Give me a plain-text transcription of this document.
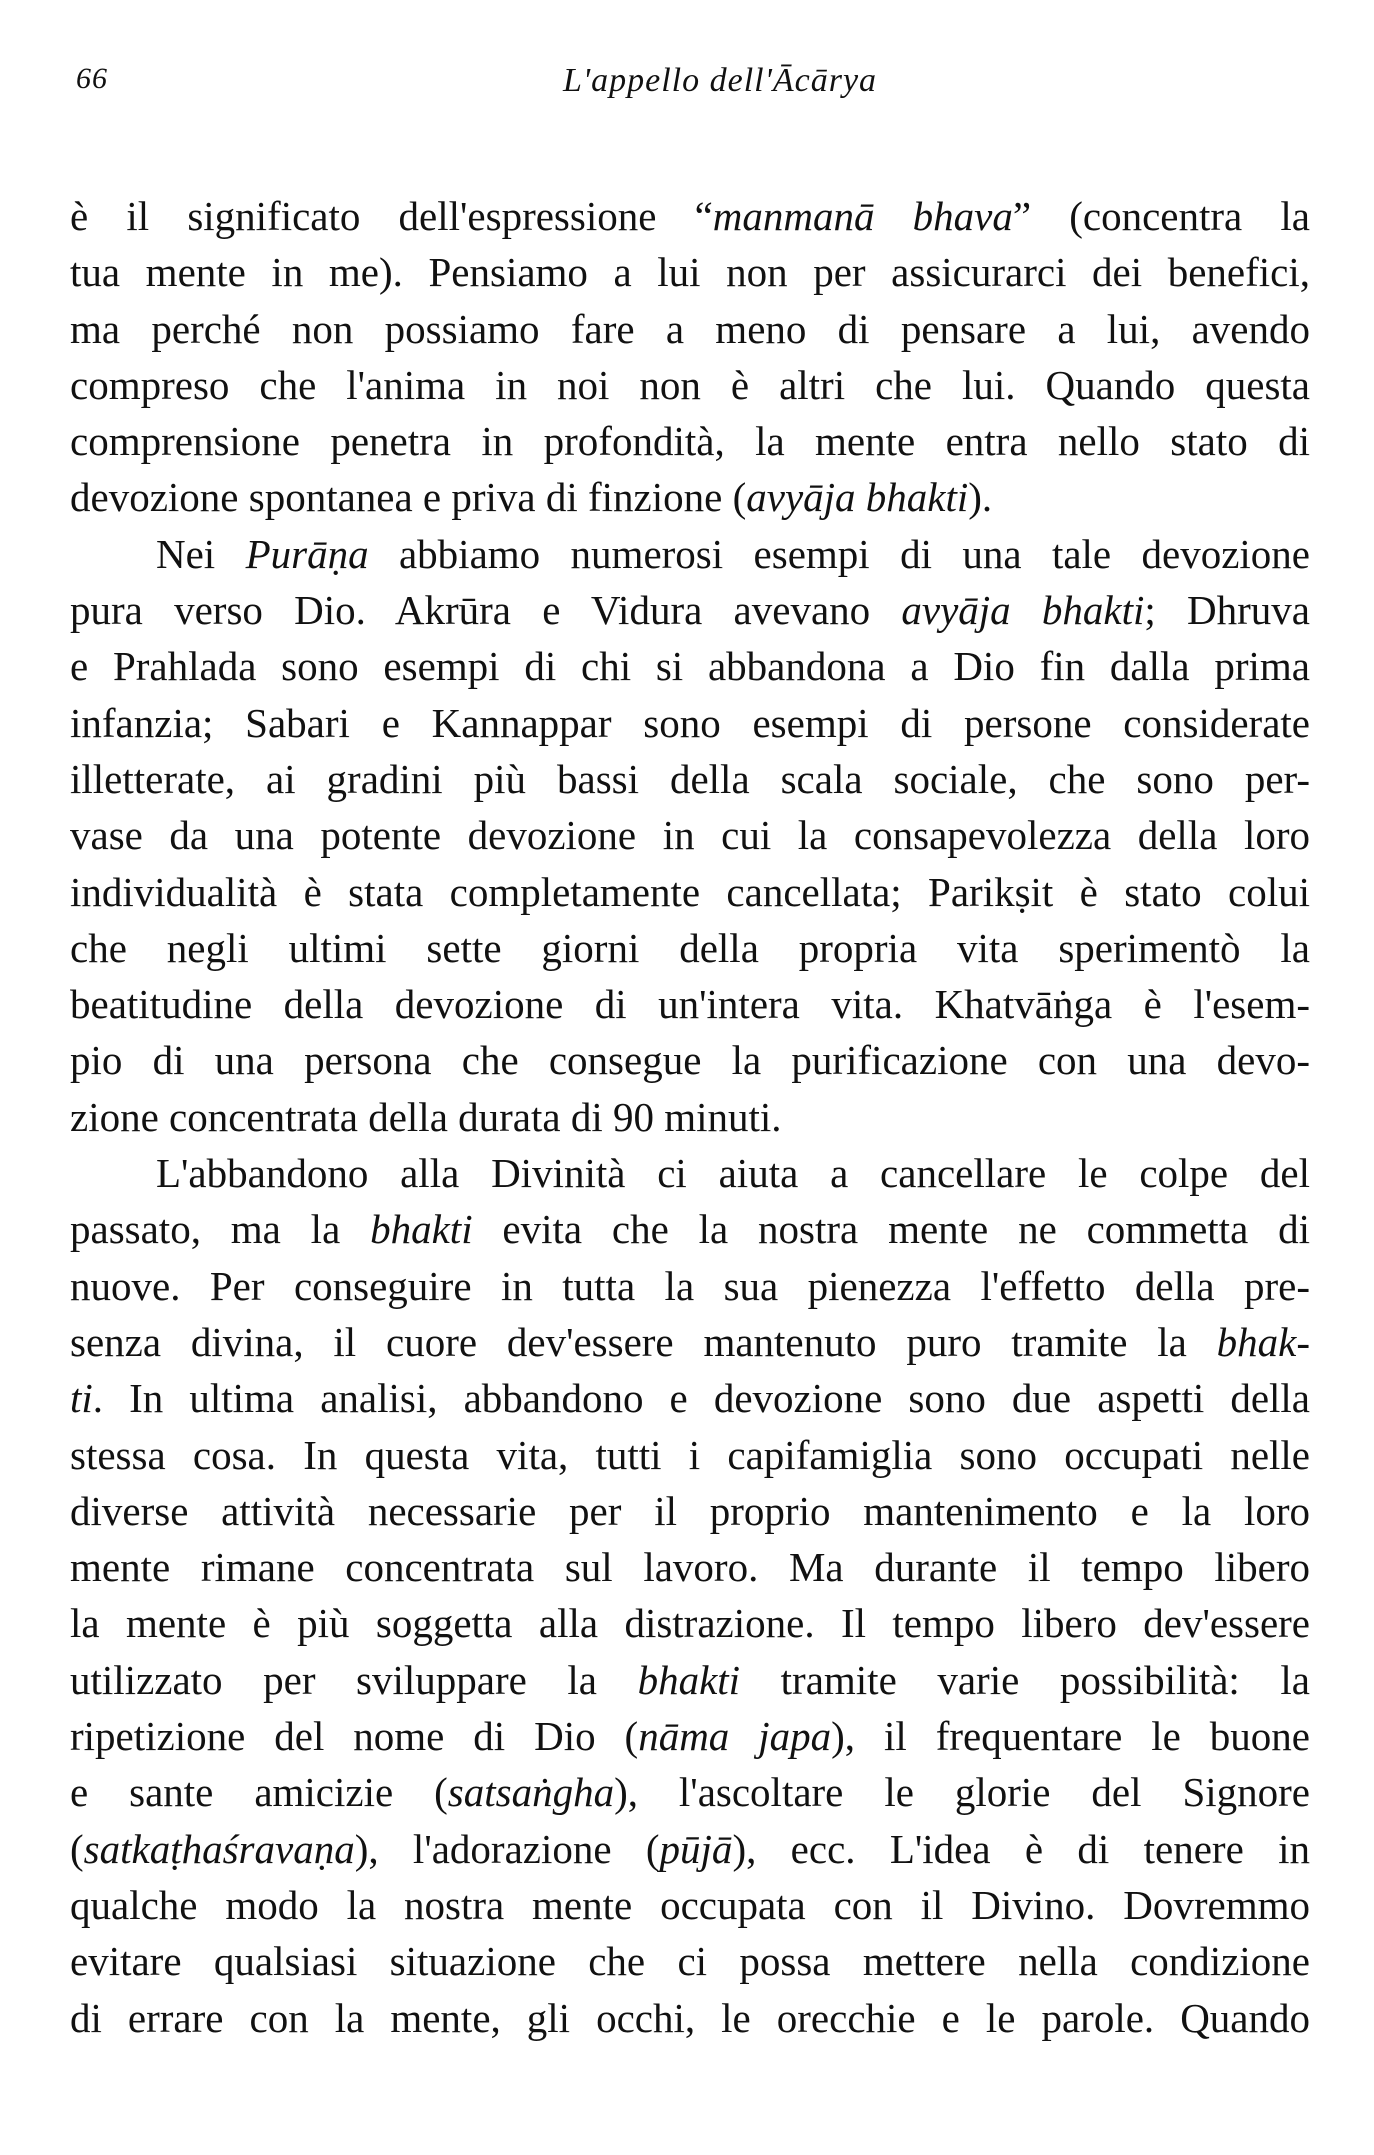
66	L'appello dell'Ācārya
è il significato dell'espressione “manmanā bhava” (concentra la
tua mente in me). Pensiamo a lui non per assicurarci dei benefici,
ma perché non possiamo fare a meno di pensare a lui, avendo
compreso che l'anima in noi non è altri che lui. Quando questa
comprensione penetra in profondità, la mente entra nello stato di
devozione spontanea e priva di finzione (avyāja bhakti).
Nei Purāṇa abbiamo numerosi esempi di una tale devozione
pura verso Dio. Akrūra e Vidura avevano avyāja bhakti; Dhruva
e Prahlada sono esempi di chi si abbandona a Dio fin dalla prima
infanzia; Sabari e Kannappar sono esempi di persone considerate
illetterate, ai gradini più bassi della scala sociale, che sono per-
vase da una potente devozione in cui la consapevolezza della loro
individualità è stata completamente cancellata; Parikṣit è stato colui
che negli ultimi sette giorni della propria vita sperimentò la
beatitudine della devozione di un'intera vita. Khatvāṅga è l'esem-
pio di una persona che consegue la purificazione con una devo-
zione concentrata della durata di 90 minuti.
L'abbandono alla Divinità ci aiuta a cancellare le colpe del
passato, ma la bhakti evita che la nostra mente ne commetta di
nuove. Per conseguire in tutta la sua pienezza l'effetto della pre-
senza divina, il cuore dev'essere mantenuto puro tramite la bhak-
ti. In ultima analisi, abbandono e devozione sono due aspetti della
stessa cosa. In questa vita, tutti i capifamiglia sono occupati nelle
diverse attività necessarie per il proprio mantenimento e la loro
mente rimane concentrata sul lavoro. Ma durante il tempo libero
la mente è più soggetta alla distrazione. Il tempo libero dev'essere
utilizzato per sviluppare la bhakti tramite varie possibilità: la
ripetizione del nome di Dio (nāma japa), il frequentare le buone
e sante amicizie (satsaṅgha), l'ascoltare le glorie del Signore
(satkaṭhaśravaṇa), l'adorazione (pūjā), ecc. L'idea è di tenere in
qualche modo la nostra mente occupata con il Divino. Dovremmo
evitare qualsiasi situazione che ci possa mettere nella condizione
di errare con la mente, gli occhi, le orecchie e le parole. Quando
